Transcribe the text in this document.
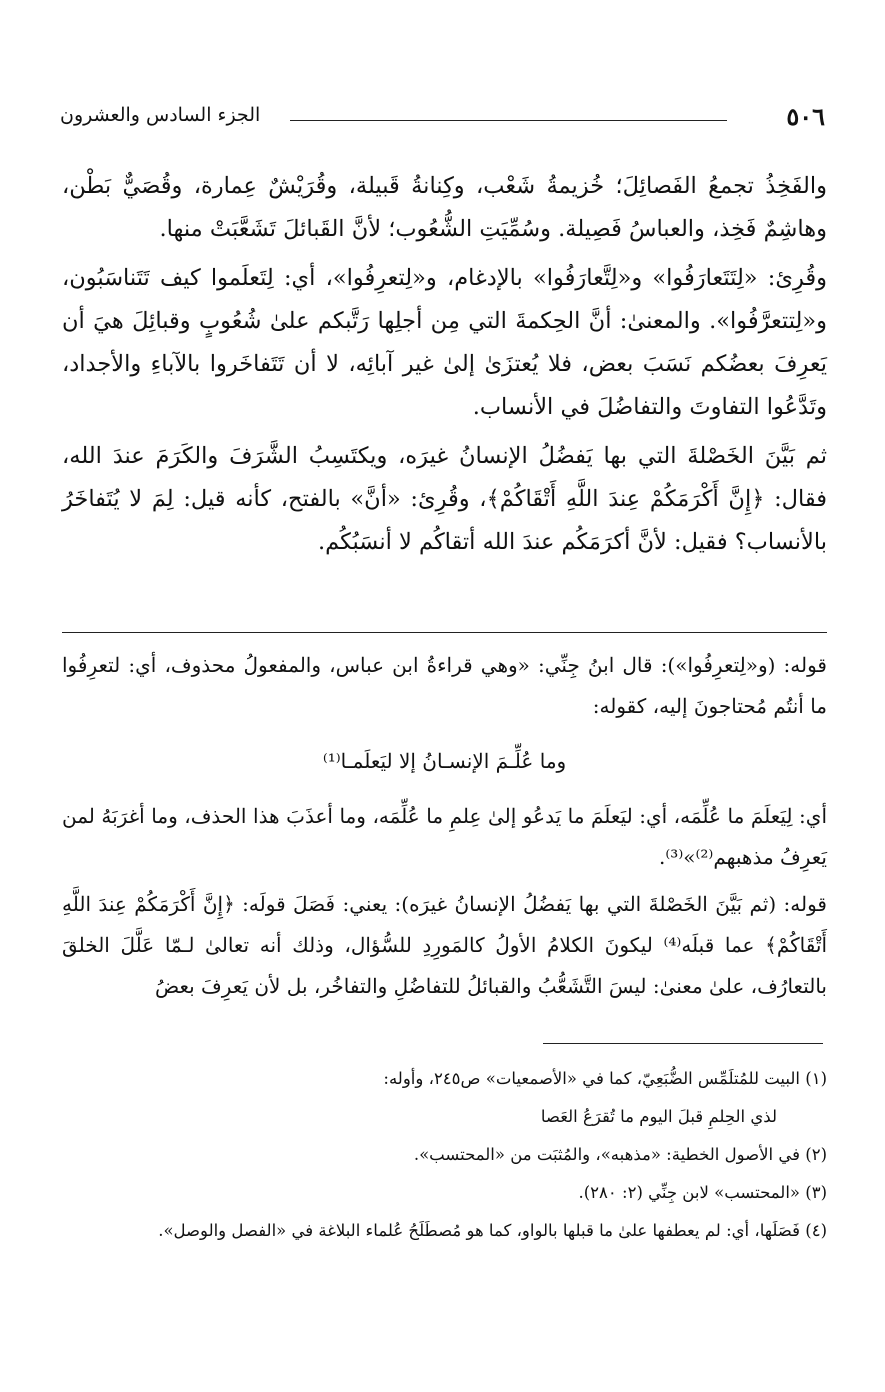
٥٠٦
الجزء السادس والعشرون

والفَخِذُ تجمعُ الفَصائِلَ؛ خُزيمةُ شَعْب، وكِنانةُ قَبيلة، وقُرَيْشٌ عِمارة، وقُصَيٌّ بَطْن، وهاشِمٌ فَخِذ، والعباسُ فَصِيلة. وسُمِّيَتِ الشُّعُوب؛ لأنَّ القَبائلَ تَشَعَّبَتْ منها.

وقُرِئ: «لِتَتَعارَفُوا» و«لِتَّعارَفُوا» بالإدغام، و«لِتعرِفُوا»، أي: لِتَعلَموا كيف تَتَناسَبُون، و«لِتتعرَّفُوا». والمعنىٰ: أنَّ الحِكمةَ التي مِن أجلِها رَتَّبكم علىٰ شُعُوبٍ وقبائِلَ هيَ أن يَعرِفَ بعضُكم نَسَبَ بعض، فلا يُعتزَىٰ إلىٰ غير آبائِه، لا أن تَتَفاخَروا بالآباءِ والأجداد، وتَدَّعُوا التفاوتَ والتفاضُلَ في الأنساب.

ثم بَيَّنَ الخَصْلةَ التي بها يَفضُلُ الإنسانُ غيرَه، ويكتَسِبُ الشَّرَفَ والكَرَمَ عندَ الله، فقال: ﴿إِنَّ أَكْرَمَكُمْ عِندَ اللَّهِ أَتْقَاكُمْ﴾، وقُرِئ: «أنَّ» بالفتح، كأنه قيل: لِمَ لا يُتَفاخَرُ بالأنساب؟ فقيل: لأنَّ أكرَمَكُم عندَ الله أتقاكُم لا أنسَبُكُم.

قوله: (و«لِتعرِفُوا»): قال ابنُ جِنِّي: «وهي قراءةُ ابن عباس، والمفعولُ محذوف، أي: لتعرِفُوا ما أنتُم مُحتاجونَ إليه، كقوله:

وما عُلِّـمَ الإنسـانُ إلا ليَعلَمـا⁽¹⁾

أي: لِيَعلَمَ ما عُلِّمَه، أي: ليَعلَمَ ما يَدعُو إلىٰ عِلمِ ما عُلِّمَه، وما أعذَبَ هذا الحذف، وما أغرَبَهُ لمن يَعرِفُ مذهبهم⁽²⁾»⁽³⁾.

قوله: (ثم بَيَّنَ الخَصْلةَ التي بها يَفضُلُ الإنسانُ غيرَه): يعني: فَصَلَ قولَه: ﴿إِنَّ أَكْرَمَكُمْ عِندَ اللَّهِ أَتْقَاكُمْ﴾ عما قبلَه⁽⁴⁾ ليكونَ الكلامُ الأولُ كالمَورِدِ للسُّؤال، وذلك أنه تعالىٰ لـمّا عَلَّلَ الخلقَ بالتعارُف، علىٰ معنىٰ: ليسَ التَّشَعُّبُ والقبائلُ للتفاضُلِ والتفاخُر، بل لأن يَعرِفَ بعضُ

(١) البيت للمُتلَمِّس الضُّبَعِيّ، كما في «الأصمعيات» ص٢٤٥، وأوله:

لذي الحِلمِ قبلَ اليوم ما تُقرَعُ العَصا

(٢) في الأصول الخطية: «مذهبه»، والمُثبَت من «المحتسب».

(٣) «المحتسب» لابن جِنِّي (٢: ٢٨٠).

(٤) فَصَلَها، أي: لم يعطفها علىٰ ما قبلها بالواو، كما هو مُصطَلَحُ عُلماء البلاغة في «الفصل والوصل».
